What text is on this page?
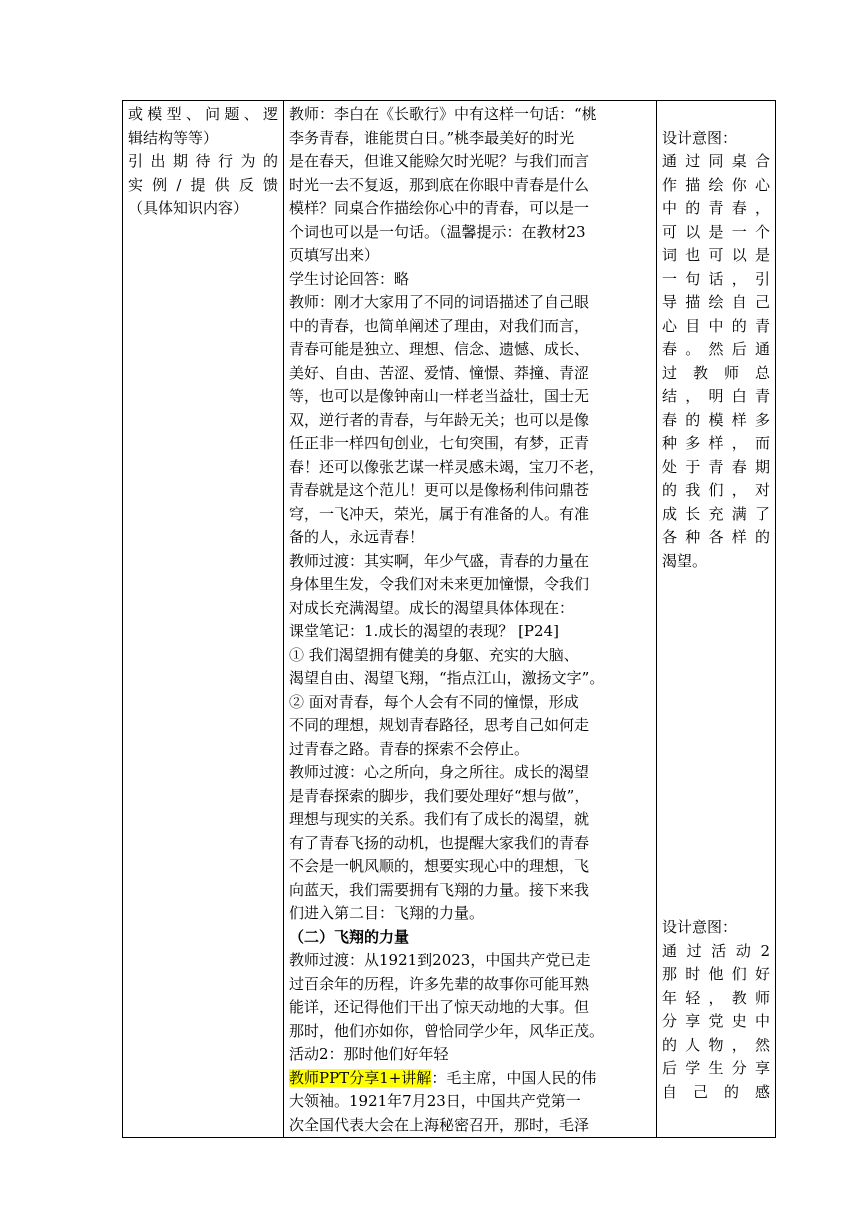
或模型、问题、逻
辑结构等等）
引出期待行为的
实例/提供反馈
（具体知识内容）

教师：李白在《长歌行》中有这样一句话：“桃
李务青春，谁能贯白日。”桃李最美好的时光
是在春天，但谁又能赊欠时光呢？与我们而言
时光一去不复返，那到底在你眼中青春是什么
模样？同桌合作描绘你心中的青春，可以是一
个词也可以是一句话。（温馨提示：在教材23
页填写出来）
学生讨论回答：略
教师：刚才大家用了不同的词语描述了自己眼
中的青春，也简单阐述了理由，对我们而言，
青春可能是独立、理想、信念、遗憾、成长、
美好、自由、苦涩、爱情、憧憬、莽撞、青涩
等，也可以是像钟南山一样老当益壮，国士无
双，逆行者的青春，与年龄无关；也可以是像
任正非一样四旬创业，七旬突围，有梦，正青
春！还可以像张艺谋一样灵感未竭，宝刀不老，
青春就是这个范儿！更可以是像杨利伟问鼎苍
穹，一飞冲天，荣光，属于有准备的人。有准
备的人，永远青春！
教师过渡：其实啊，年少气盛，青春的力量在
身体里生发，令我们对未来更加憧憬，令我们
对成长充满渴望。成长的渴望具体体现在：
课堂笔记：1.成长的渴望的表现？ [P24]
① 我们渴望拥有健美的身躯、充实的大脑、
渴望自由、渴望飞翔，“指点江山，激扬文字”。
② 面对青春，每个人会有不同的憧憬，形成
不同的理想，规划青春路径，思考自己如何走
过青春之路。青春的探索不会停止。
教师过渡：心之所向，身之所往。成长的渴望
是青春探索的脚步，我们要处理好“想与做”，
理想与现实的关系。我们有了成长的渴望，就
有了青春飞扬的动机，也提醒大家我们的青春
不会是一帆风顺的，想要实现心中的理想，飞
向蓝天，我们需要拥有飞翔的力量。接下来我
们进入第二目：飞翔的力量。
（二）飞翔的力量
教师过渡：从1921到2023，中国共产党已走
过百余年的历程，许多先辈的故事你可能耳熟
能详，还记得他们干出了惊天动地的大事。但
那时，他们亦如你，曾恰同学少年，风华正茂。
活动2：那时他们好年轻
教师PPT分享1+讲解：毛主席，中国人民的伟
大领袖。1921年7月23日，中国共产党第一
次全国代表大会在上海秘密召开，那时，毛泽

设计意图：
通过同桌合
作描绘你心
中的青春，
可以是一个
词也可以是
一句话，引
导描绘自己
心目中的青
春。然后通
过 教 师 总
结，明白青
春的模样多
种多样，而
处于青春期
的我们，对
成长充满了
各种各样的
渴望。
设计意图：
通过活动2
那时他们好
年轻，教师
分享党史中
的人物，然
后学生分享
自 己 的 感
